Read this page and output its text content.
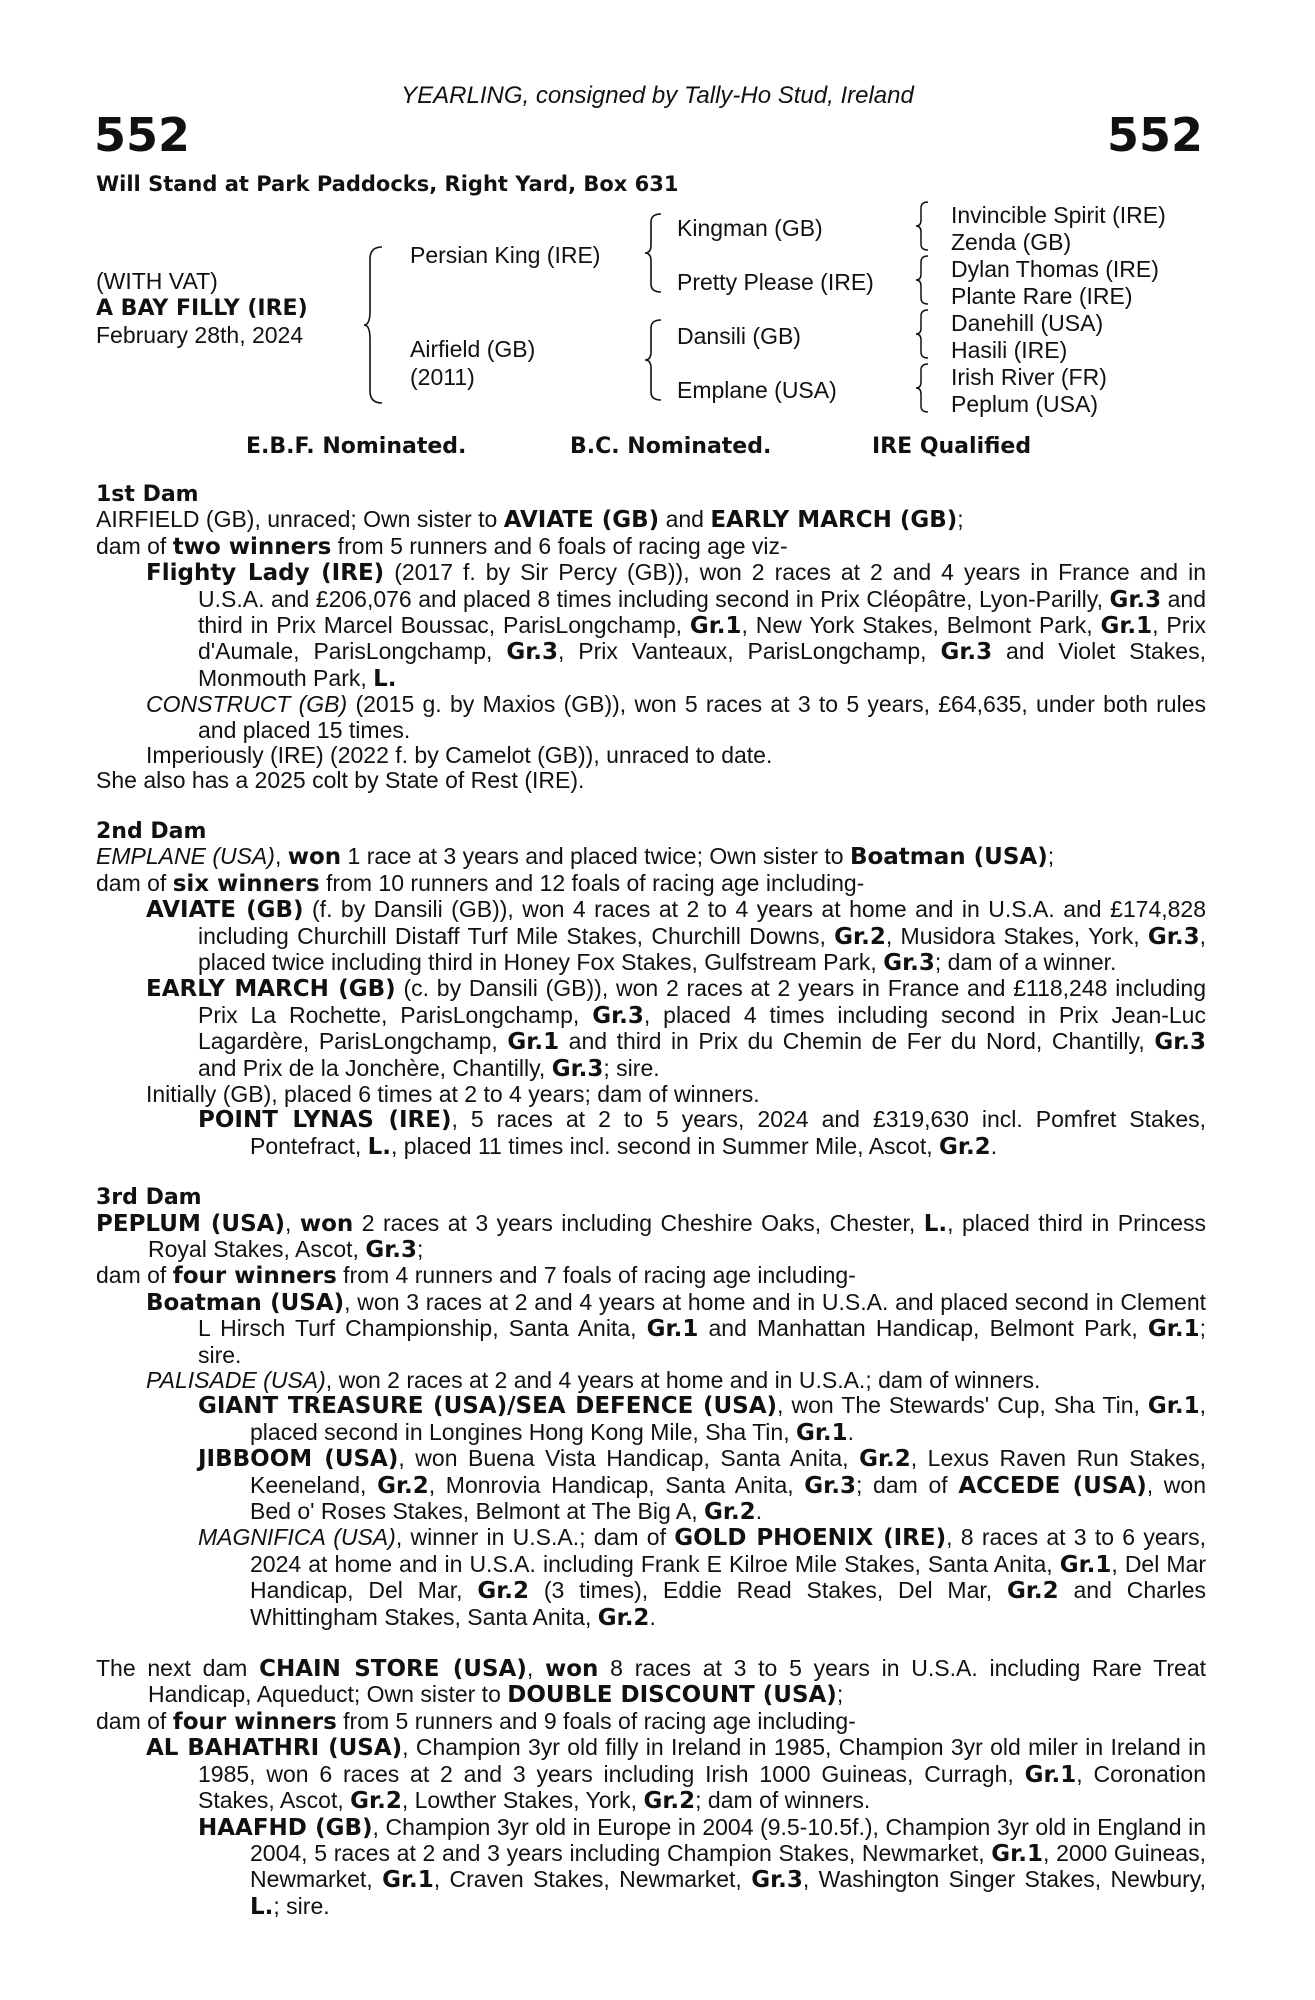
552	552
YEARLING, consigned by Tally-Ho Stud, Ireland
Will Stand at Park Paddocks, Right Yard, Box 631
(WITH VAT)
A BAY FILLY (IRE)
February 28th, 2024
Persian King (IRE)
Airfield (GB)
(2011)
Kingman (GB)
Pretty Please (IRE)
Dansili (GB)
Emplane (USA)
Invincible Spirit (IRE)
Zenda (GB)
Dylan Thomas (IRE)
Plante Rare (IRE)
Danehill (USA)
Hasili (IRE)
Irish River (FR)
Peplum (USA)
E.B.F. Nominated.	B.C. Nominated.	IRE Qualified

1st Dam

AIRFIELD (GB), unraced; Own sister to AVIATE (GB) and EARLY MARCH (GB);

dam of two winners from 5 runners and 6 foals of racing age viz-

Flighty Lady (IRE) (2017 f. by Sir Percy (GB)), won 2 races at 2 and 4 years in France and in U.S.A. and £206,076 and placed 8 times including second in Prix Cléopâtre, Lyon-Parilly, Gr.3 and third in Prix Marcel Boussac, ParisLongchamp, Gr.1, New York Stakes, Belmont Park, Gr.1, Prix d'Aumale, ParisLongchamp, Gr.3, Prix Vanteaux, ParisLongchamp, Gr.3 and Violet Stakes, Monmouth Park, L.

CONSTRUCT (GB) (2015 g. by Maxios (GB)), won 5 races at 3 to 5 years, £64,635, under both rules and placed 15 times.

Imperiously (IRE) (2022 f. by Camelot (GB)), unraced to date.

She also has a 2025 colt by State of Rest (IRE).

2nd Dam

EMPLANE (USA), won 1 race at 3 years and placed twice; Own sister to Boatman (USA);

dam of six winners from 10 runners and 12 foals of racing age including-

AVIATE (GB) (f. by Dansili (GB)), won 4 races at 2 to 4 years at home and in U.S.A. and £174,828 including Churchill Distaff Turf Mile Stakes, Churchill Downs, Gr.2, Musidora Stakes, York, Gr.3, placed twice including third in Honey Fox Stakes, Gulfstream Park, Gr.3; dam of a winner.

EARLY MARCH (GB) (c. by Dansili (GB)), won 2 races at 2 years in France and £118,248 including Prix La Rochette, ParisLongchamp, Gr.3, placed 4 times including second in Prix Jean-Luc Lagardère, ParisLongchamp, Gr.1 and third in Prix du Chemin de Fer du Nord, Chantilly, Gr.3 and Prix de la Jonchère, Chantilly, Gr.3; sire.

Initially (GB), placed 6 times at 2 to 4 years; dam of winners.

POINT LYNAS (IRE), 5 races at 2 to 5 years, 2024 and £319,630 incl. Pomfret Stakes, Pontefract, L., placed 11 times incl. second in Summer Mile, Ascot, Gr.2.

3rd Dam

PEPLUM (USA), won 2 races at 3 years including Cheshire Oaks, Chester, L., placed third in Princess Royal Stakes, Ascot, Gr.3;

dam of four winners from 4 runners and 7 foals of racing age including-

Boatman (USA), won 3 races at 2 and 4 years at home and in U.S.A. and placed second in Clement L Hirsch Turf Championship, Santa Anita, Gr.1 and Manhattan Handicap, Belmont Park, Gr.1; sire.

PALISADE (USA), won 2 races at 2 and 4 years at home and in U.S.A.; dam of winners.

GIANT TREASURE (USA)/SEA DEFENCE (USA), won The Stewards' Cup, Sha Tin, Gr.1, placed second in Longines Hong Kong Mile, Sha Tin, Gr.1.

JIBBOOM (USA), won Buena Vista Handicap, Santa Anita, Gr.2, Lexus Raven Run Stakes, Keeneland, Gr.2, Monrovia Handicap, Santa Anita, Gr.3; dam of ACCEDE (USA), won Bed o' Roses Stakes, Belmont at The Big A, Gr.2.

MAGNIFICA (USA), winner in U.S.A.; dam of GOLD PHOENIX (IRE), 8 races at 3 to 6 years, 2024 at home and in U.S.A. including Frank E Kilroe Mile Stakes, Santa Anita, Gr.1, Del Mar Handicap, Del Mar, Gr.2 (3 times), Eddie Read Stakes, Del Mar, Gr.2 and Charles Whittingham Stakes, Santa Anita, Gr.2.

The next dam CHAIN STORE (USA), won 8 races at 3 to 5 years in U.S.A. including Rare Treat Handicap, Aqueduct; Own sister to DOUBLE DISCOUNT (USA);

dam of four winners from 5 runners and 9 foals of racing age including-

AL BAHATHRI (USA), Champion 3yr old filly in Ireland in 1985, Champion 3yr old miler in Ireland in 1985, won 6 races at 2 and 3 years including Irish 1000 Guineas, Curragh, Gr.1, Coronation Stakes, Ascot, Gr.2, Lowther Stakes, York, Gr.2; dam of winners.

HAAFHD (GB), Champion 3yr old in Europe in 2004 (9.5-10.5f.), Champion 3yr old in England in 2004, 5 races at 2 and 3 years including Champion Stakes, Newmarket, Gr.1, 2000 Guineas, Newmarket, Gr.1, Craven Stakes, Newmarket, Gr.3, Washington Singer Stakes, Newbury, L.; sire.
